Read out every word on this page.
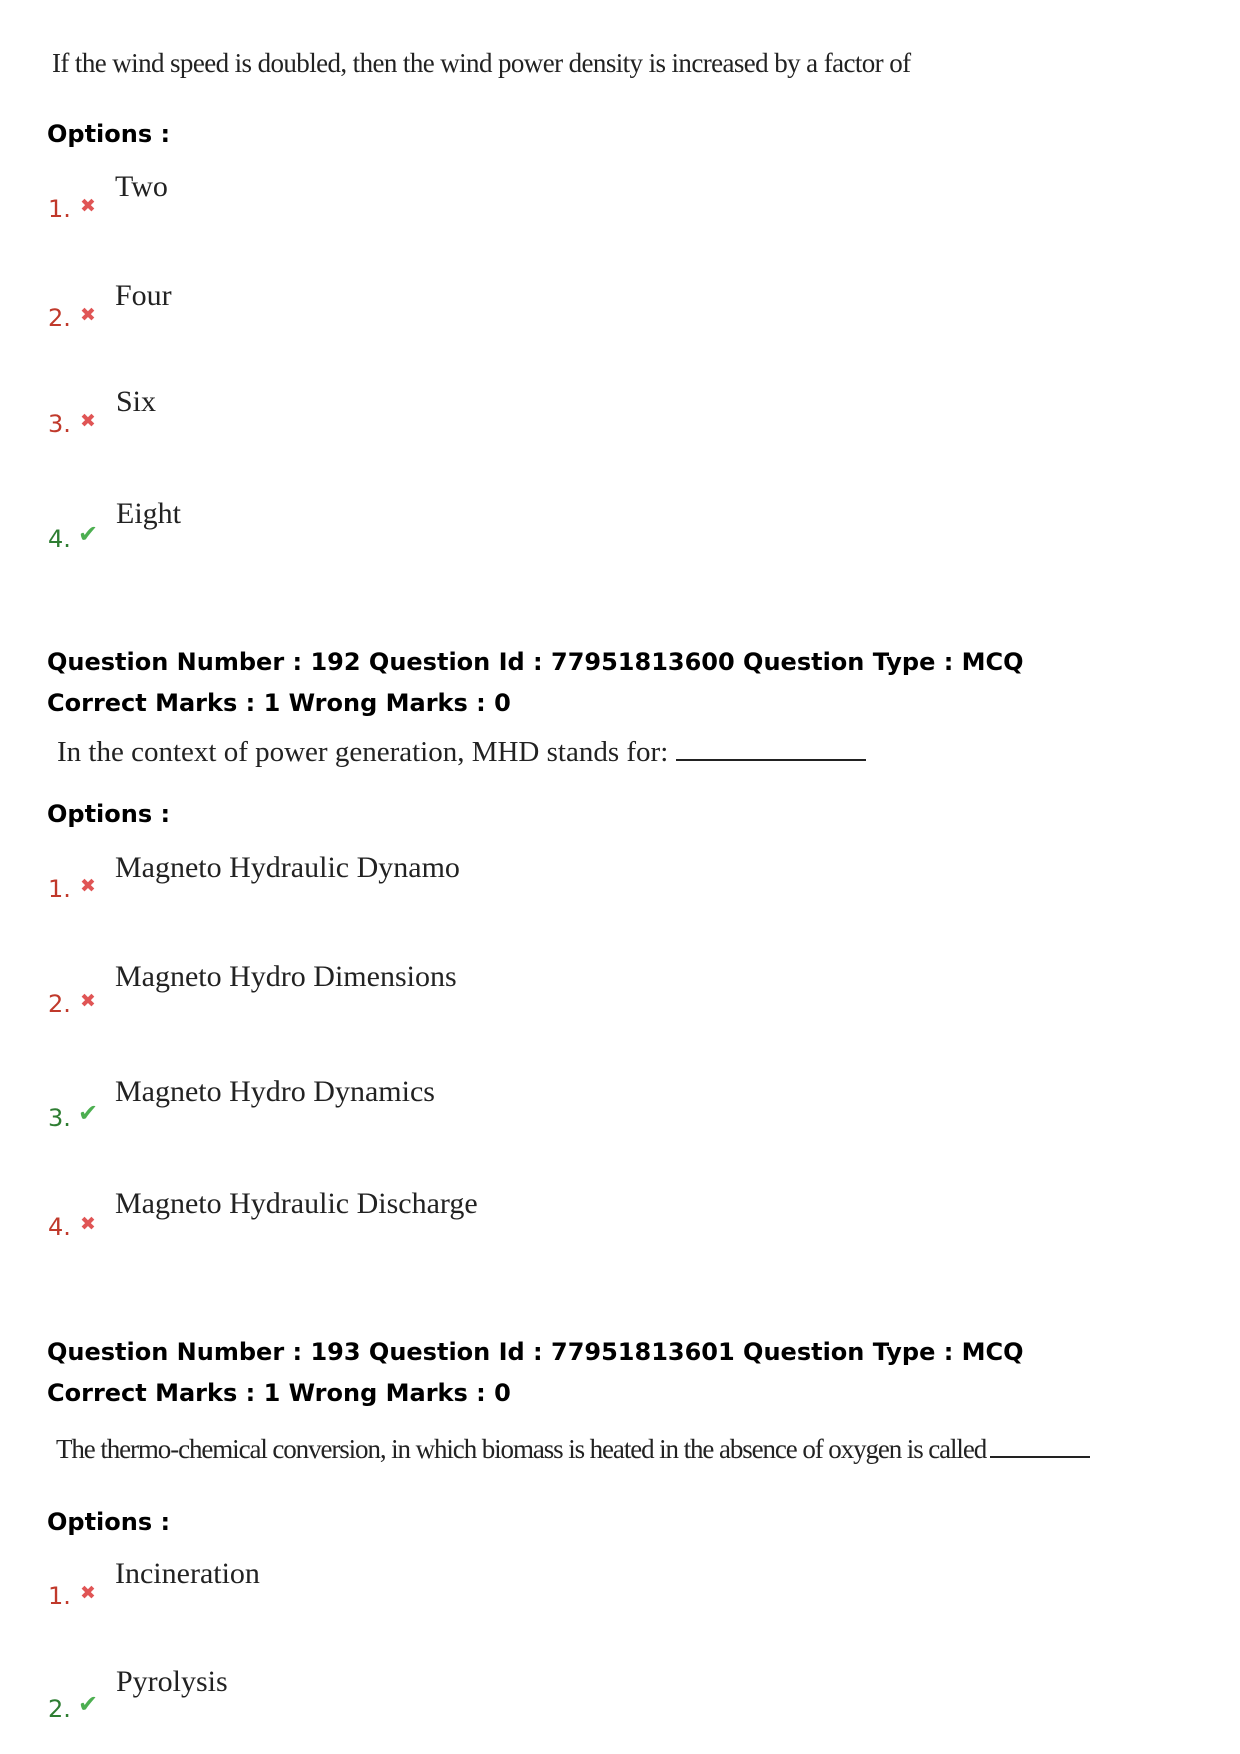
If the wind speed is doubled, then the wind power density is increased by a factor of
Options :
1. ✖
Two
2. ✖
Four
3. ✖
Six
4. ✔
Eight
Question Number : 192 Question Id : 77951813600 Question Type : MCQ
Correct Marks : 1 Wrong Marks : 0
In the context of power generation, MHD stands for:
Options :
1. ✖
Magneto Hydraulic Dynamo
2. ✖
Magneto Hydro Dimensions
3. ✔
Magneto Hydro Dynamics
4. ✖
Magneto Hydraulic Discharge
Question Number : 193 Question Id : 77951813601 Question Type : MCQ
Correct Marks : 1 Wrong Marks : 0
The thermo-chemical conversion, in which biomass is heated in the absence of oxygen is called
Options :
1. ✖
Incineration
2. ✔
Pyrolysis
